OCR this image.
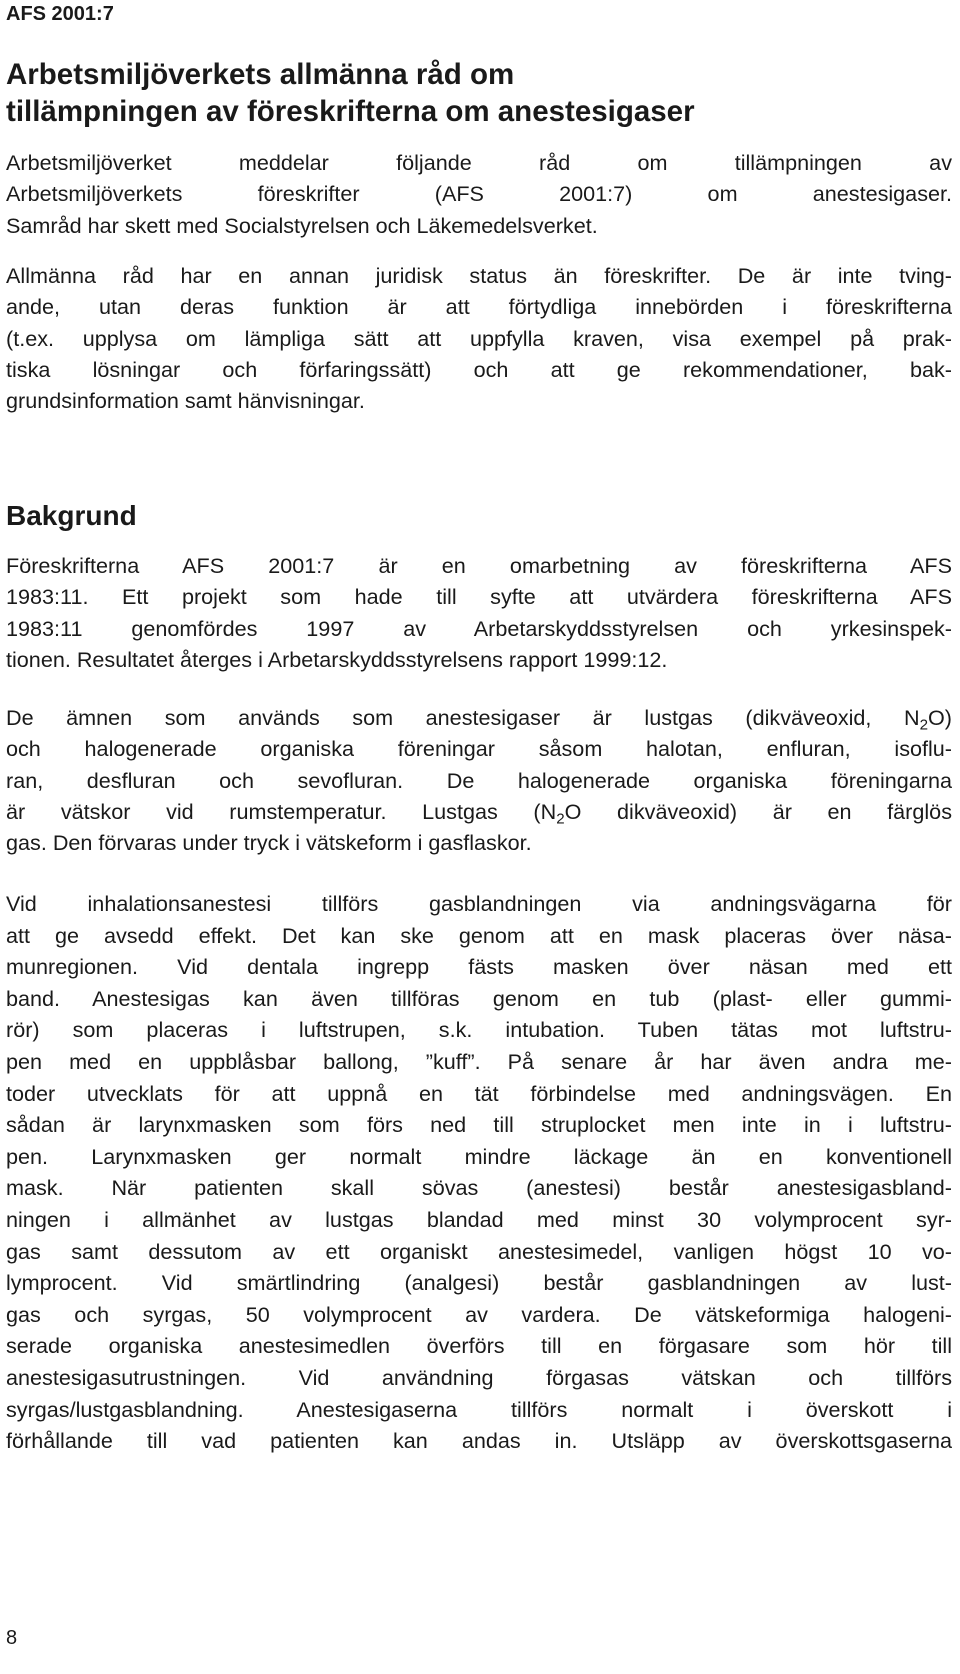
AFS 2001:7
Arbetsmiljöverkets allmänna råd om
tillämpningen av föreskrifterna om anestesigaser
Arbetsmiljöverket meddelar följande råd om tillämpningen av
Arbetsmiljöverkets föreskrifter (AFS 2001:7) om anestesigaser.
Samråd har skett med Socialstyrelsen och Läkemedelsverket.
Allmänna råd har en annan juridisk status än föreskrifter. De är inte tving-
ande, utan deras funktion är att förtydliga innebörden i föreskrifterna
(t.ex. upplysa om lämpliga sätt att uppfylla kraven, visa exempel på prak-
tiska lösningar och förfaringssätt) och att ge rekommendationer, bak-
grundsinformation samt hänvisningar.
Bakgrund
Föreskrifterna AFS 2001:7 är en omarbetning av föreskrifterna AFS
1983:11. Ett projekt som hade till syfte att utvärdera föreskrifterna AFS
1983:11 genomfördes 1997 av Arbetarskyddsstyrelsen och yrkesinspek-
tionen. Resultatet återges i Arbetarskyddsstyrelsens rapport 1999:12.
De ämnen som används som anestesigaser är lustgas (dikväveoxid, $N_2O$)
och halogenerade organiska föreningar såsom halotan, enfluran, isoflu-
ran, desfluran och sevofluran. De halogenerade organiska föreningarna
är vätskor vid rumstemperatur. Lustgas ($N_2O$ dikväveoxid) är en färglös
gas. Den förvaras under tryck i vätskeform i gasflaskor.
Vid inhalationsanestesi tillförs gasblandningen via andningsvägarna för
att ge avsedd effekt. Det kan ske genom att en mask placeras över näsa-
munregionen. Vid dentala ingrepp fästs masken över näsan med ett
band. Anestesigas kan även tillföras genom en tub (plast- eller gummi-
rör) som placeras i luftstrupen, s.k. intubation. Tuben tätas mot luftstru-
pen med en uppblåsbar ballong, ”kuff”. På senare år har även andra me-
toder utvecklats för att uppnå en tät förbindelse med andningsvägen. En
sådan är larynxmasken som förs ned till struplocket men inte in i luftstru-
pen. Larynxmasken ger normalt mindre läckage än en konventionell
mask. När patienten skall sövas (anestesi) består anestesigasbland-
ningen i allmänhet av lustgas blandad med minst 30 volymprocent syr-
gas samt dessutom av ett organiskt anestesimedel, vanligen högst 10 vo-
lymprocent. Vid smärtlindring (analgesi) består gasblandningen av lust-
gas och syrgas, 50 volymprocent av vardera. De vätskeformiga halogeni-
serade organiska anestesimedlen överförs till en förgasare som hör till
anestesigasutrustningen. Vid användning förgasas vätskan och tillförs
syrgas/lustgasblandning. Anestesigaserna tillförs normalt i överskott i
förhållande till vad patienten kan andas in. Utsläpp av överskottsgaserna
8
